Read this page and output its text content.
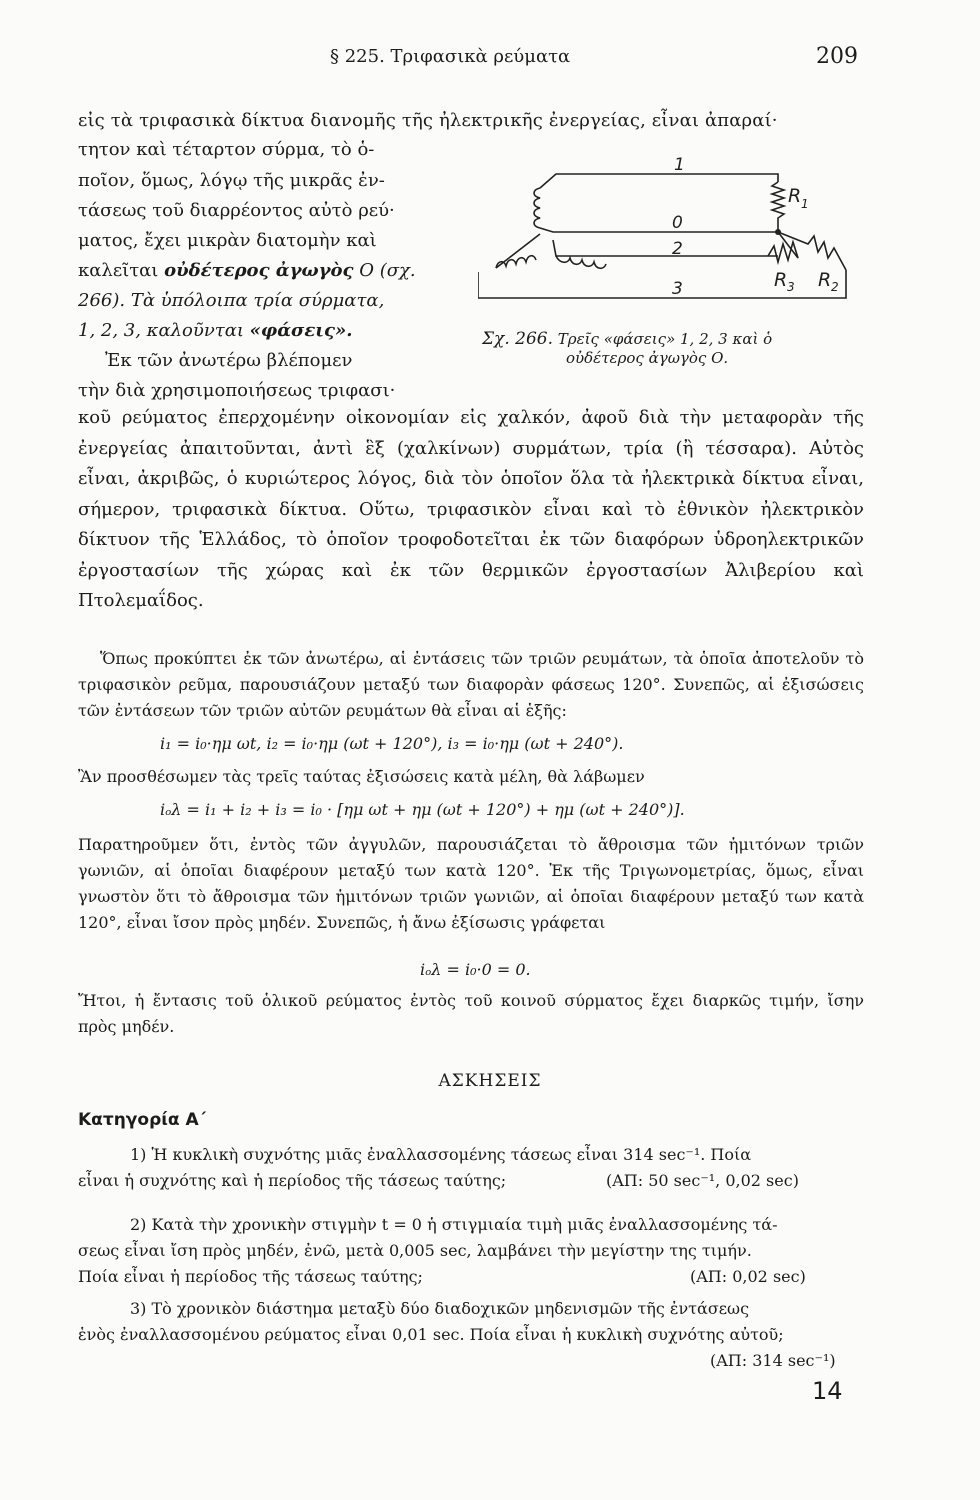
§ 225. Τριφασικὰ ρεύματα	209
εἰς τὰ τριφασικὰ δίκτυα διανομῆς τῆς ἠλεκτρικῆς ἐνεργείας, εἶναι ἀπαραί·
τητον καὶ τέταρτον σύρμα, τὸ ὁ-
ποῖον, ὅμως, λόγῳ τῆς μικρᾶς ἐν-
τάσεως τοῦ διαρρέοντος αὐτὸ ρεύ·
ματος, ἔχει μικρὰν διατομὴν καὶ
καλεῖται οὐδέτερος ἀγωγὸς Ο (σχ.
266). Τὰ ὑπόλοιπα τρία σύρματα,
1, 2, 3, καλοῦνται «φάσεις».
Ἐκ τῶν ἀνωτέρω βλέπομεν
τὴν διὰ χρησιμοποιήσεως τριφασι·
1
0
2
3
R 1
R 3 R 2
Σχ. 266. Τρεῖς «φάσεις» 1, 2, 3 καὶ ὁ
οὐδέτερος ἀγωγὸς Ο.
κοῦ ρεύματος ἐπερχομένην οἰκονομίαν εἰς χαλκόν, ἀφοῦ διὰ τὴν μεταφορὰν τῆς ἐνεργείας ἀπαιτοῦνται, ἀντὶ ἓξ (χαλκίνων) συρμάτων, τρία (ἢ τέσσαρα). Αὐτὸς εἶναι, ἀκριβῶς, ὁ κυριώτερος λόγος, διὰ τὸν ὁποῖον ὅλα τὰ ἠλεκτρικὰ δίκτυα εἶναι, σήμερον, τριφασικὰ δίκτυα. Οὕτω, τριφασικὸν εἶναι καὶ τὸ ἐθνικὸν ἠλεκτρικὸν δίκτυον τῆς Ἑλλάδος, τὸ ὁποῖον τροφοδοτεῖται ἐκ τῶν διαφόρων ὑδροηλεκτρικῶν ἐργοστασίων τῆς χώρας καὶ ἐκ τῶν θερμικῶν ἐργοστασίων Ἀλιβερίου καὶ Πτολεμαΐδος.
Ὅπως προκύπτει ἐκ τῶν ἀνωτέρω, αἱ ἐντάσεις τῶν τριῶν ρευμάτων, τὰ ὁποῖα ἀποτελοῦν τὸ τριφασικὸν ρεῦμα, παρουσιάζουν μεταξύ των διαφορὰν φάσεως 120°. Συνεπῶς, αἱ ἐξισώσεις τῶν ἐντάσεων τῶν τριῶν αὐτῶν ρευμάτων θὰ εἶναι αἱ ἑξῆς:
i₁ = i₀·ημ ωt, i₂ = i₀·ημ (ωt + 120°), i₃ = i₀·ημ (ωt + 240°).
Ἂν προσθέσωμεν τὰς τρεῖς ταύτας ἐξισώσεις κατὰ μέλη, θὰ λάβωμεν
iₒλ = i₁ + i₂ + i₃ = i₀ · [ημ ωt + ημ (ωt + 120°) + ημ (ωt + 240°)].
Παρατηροῦμεν ὅτι, ἐντὸς τῶν ἀγγυλῶν, παρουσιάζεται τὸ ἄθροισμα τῶν ἡμιτόνων τριῶν γωνιῶν, αἱ ὁποῖαι διαφέρουν μεταξύ των κατὰ 120°. Ἐκ τῆς Τριγωνομετρίας, ὅμως, εἶναι γνωστὸν ὅτι τὸ ἄθροισμα τῶν ἡμιτόνων τριῶν γωνιῶν, αἱ ὁποῖαι διαφέρουν μεταξύ των κατὰ 120°, εἶναι ἴσον πρὸς μηδέν. Συνεπῶς, ἡ ἄνω ἐξίσωσις γράφεται
iₒλ = i₀·0 = 0.
Ἤτοι, ἡ ἔντασις τοῦ ὁλικοῦ ρεύματος ἐντὸς τοῦ κοινοῦ σύρματος ἔχει διαρκῶς τιμήν, ἴσην πρὸς μηδέν.
ΑΣΚΗΣΕΙΣ
Κατηγορία Α΄
1) Ἡ κυκλικὴ συχνότης μιᾶς ἐναλλασσομένης τάσεως εἶναι 314 sec⁻¹. Ποία
εἶναι ἡ συχνότης καὶ ἡ περίοδος τῆς τάσεως ταύτης;	(ΑΠ: 50 sec⁻¹, 0,02 sec)
2) Κατὰ τὴν χρονικὴν στιγμὴν t = 0 ἡ στιγμιαία τιμὴ μιᾶς ἐναλλασσομένης τά-
σεως εἶναι ἴση πρὸς μηδέν, ἐνῶ, μετὰ 0,005 sec, λαμβάνει τὴν μεγίστην της τιμήν.
Ποία εἶναι ἡ περίοδος τῆς τάσεως ταύτης;	(ΑΠ: 0,02 sec)
3) Τὸ χρονικὸν διάστημα μεταξὺ δύο διαδοχικῶν μηδενισμῶν τῆς ἐντάσεως
ἑνὸς ἐναλλασσομένου ρεύματος εἶναι 0,01 sec. Ποία εἶναι ἡ κυκλικὴ συχνότης αὐτοῦ;
(ΑΠ: 314 sec⁻¹)
14
